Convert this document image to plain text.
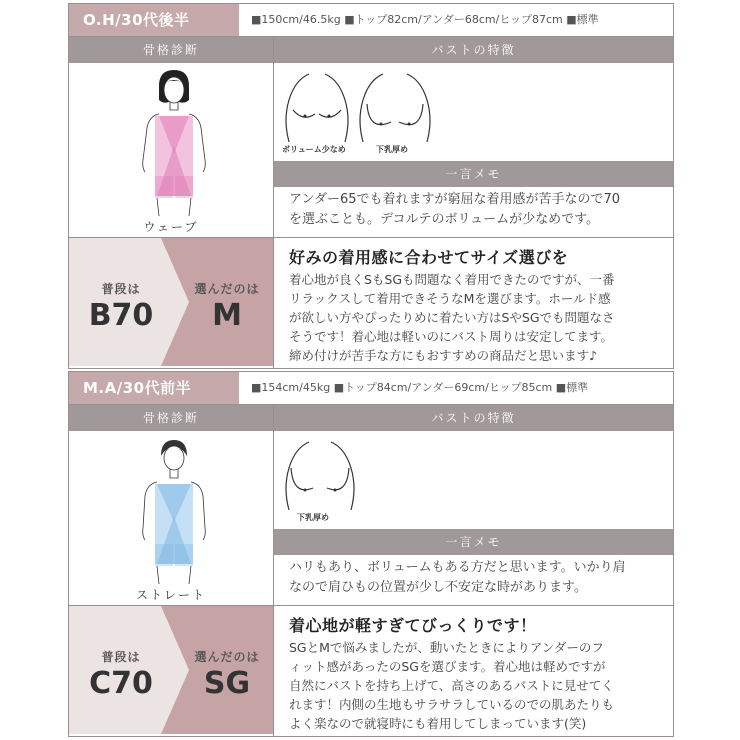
O.H/30代後半	■150cm/46.5kg ■トップ82cm/アンダー68cm/ヒップ87cm ■標準
骨格診断	バストの特徴
ウェーブ
ボリューム少なめ	下乳厚め
一言メモ
アンダー65でも着れますが窮屈な着用感が苦手なので70
を選ぶことも。デコルテのボリュームが少なめです。
普段は
B70
選んだのは
M
好みの着用感に合わせてサイズ選びを
着心地が良くSもSGも問題なく着用できたのですが、一番
リラックスして着用できそうなMを選びます。ホールド感
が欲しい方やぴったりめに着たい方はSやSGでも問題なさ
そうです！着心地は軽いのにバスト周りは安定してます。
締め付けが苦手な方にもおすすめの商品だと思います♪
M.A/30代前半	■154cm/45kg ■トップ84cm/アンダー69cm/ヒップ85cm ■標準
骨格診断	バストの特徴
ストレート
下乳厚め
一言メモ
ハリもあり、ボリュームもある方だと思います。いかり肩
なので肩ひもの位置が少し不安定な時があります。
普段は
C70
選んだのは
SG
着心地が軽すぎてびっくりです！
SGとMで悩みましたが、動いたときによりアンダーのフ
ィット感があったのSGを選びます。着心地は軽めですが
自然にバストを持ち上げて、高さのあるバストに見せてく
れます！内側の生地もサラサラしているのでの肌あたりも
よく楽なので就寝時にも着用してしまっています(笑)
